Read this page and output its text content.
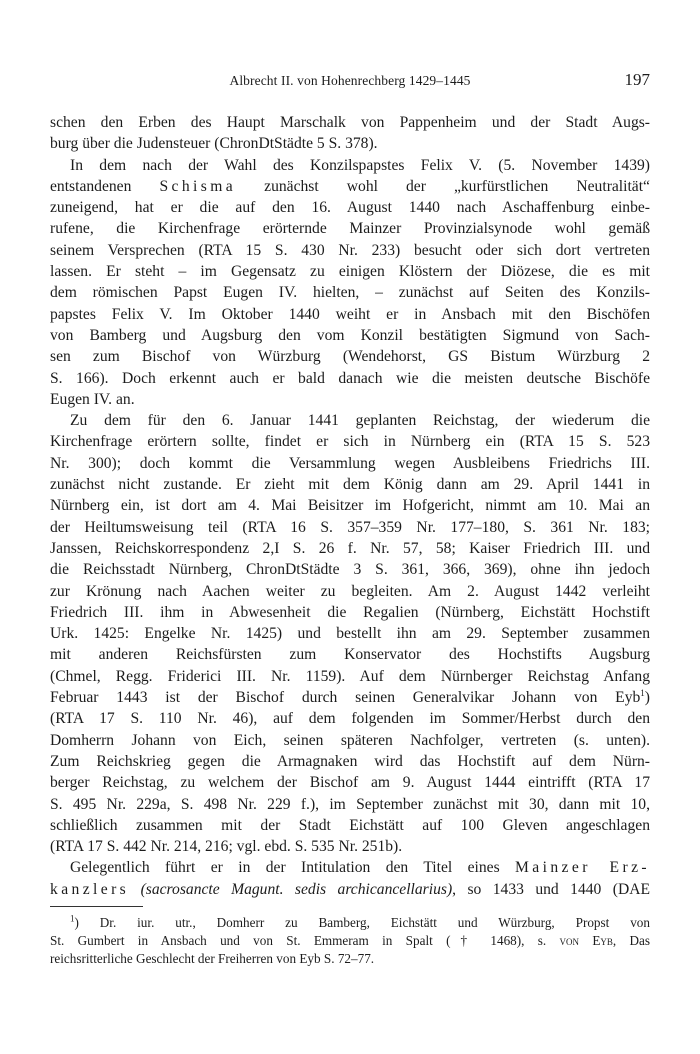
Albrecht II. von Hohenrechberg 1429–1445	197
schen den Erben des Haupt Marschalk von Pappenheim und der Stadt Augs-
burg über die Judensteuer (ChronDtStädte 5 S. 378).
In dem nach der Wahl des Konzilspapstes Felix V. (5. November 1439)
entstandenen Schisma zunächst wohl der „kurfürstlichen Neutralität“
zuneigend, hat er die auf den 16. August 1440 nach Aschaffenburg einbe-
rufene, die Kirchenfrage erörternde Mainzer Provinzialsynode wohl gemäß
seinem Versprechen (RTA 15 S. 430 Nr. 233) besucht oder sich dort vertreten
lassen. Er steht – im Gegensatz zu einigen Klöstern der Diözese, die es mit
dem römischen Papst Eugen IV. hielten, – zunächst auf Seiten des Konzils-
papstes Felix V. Im Oktober 1440 weiht er in Ansbach mit den Bischöfen
von Bamberg und Augsburg den vom Konzil bestätigten Sigmund von Sach-
sen zum Bischof von Würzburg (Wendehorst, GS Bistum Würzburg 2
S. 166). Doch erkennt auch er bald danach wie die meisten deutsche Bischöfe
Eugen IV. an.
Zu dem für den 6. Januar 1441 geplanten Reichstag, der wiederum die
Kirchenfrage erörtern sollte, findet er sich in Nürnberg ein (RTA 15 S. 523
Nr. 300); doch kommt die Versammlung wegen Ausbleibens Friedrichs III.
zunächst nicht zustande. Er zieht mit dem König dann am 29. April 1441 in
Nürnberg ein, ist dort am 4. Mai Beisitzer im Hofgericht, nimmt am 10. Mai an
der Heiltumsweisung teil (RTA 16 S. 357–359 Nr. 177–180, S. 361 Nr. 183;
Janssen, Reichskorrespondenz 2,I S. 26 f. Nr. 57, 58; Kaiser Friedrich III. und
die Reichsstadt Nürnberg, ChronDtStädte 3 S. 361, 366, 369), ohne ihn jedoch
zur Krönung nach Aachen weiter zu begleiten. Am 2. August 1442 verleiht
Friedrich III. ihm in Abwesenheit die Regalien (Nürnberg, Eichstätt Hochstift
Urk. 1425: Engelke Nr. 1425) und bestellt ihn am 29. September zusammen
mit anderen Reichsfürsten zum Konservator des Hochstifts Augsburg
(Chmel, Regg. Friderici III. Nr. 1159). Auf dem Nürnberger Reichstag Anfang
Februar 1443 ist der Bischof durch seinen Generalvikar Johann von Eyb$^1$)
(RTA 17 S. 110 Nr. 46), auf dem folgenden im Sommer/Herbst durch den
Domherrn Johann von Eich, seinen späteren Nachfolger, vertreten (s. unten).
Zum Reichskrieg gegen die Armagnaken wird das Hochstift auf dem Nürn-
berger Reichstag, zu welchem der Bischof am 9. August 1444 eintrifft (RTA 17
S. 495 Nr. 229a, S. 498 Nr. 229 f.), im September zunächst mit 30, dann mit 10,
schließlich zusammen mit der Stadt Eichstätt auf 100 Gleven angeschlagen
(RTA 17 S. 442 Nr. 214, 216; vgl. ebd. S. 535 Nr. 251b).
Gelegentlich führt er in der Intitulation den Titel eines Mainzer Erz-
kanzlers (sacrosancte Magunt. sedis archicancellarius), so 1433 und 1440 (DAE
$^1$) Dr. iur. utr., Domherr zu Bamberg, Eichstätt und Würzburg, Propst von
St. Gumbert in Ansbach und von St. Emmeram in Spalt († 1468), s. von Eyb, Das
reichsritterliche Geschlecht der Freiherren von Eyb S. 72–77.
